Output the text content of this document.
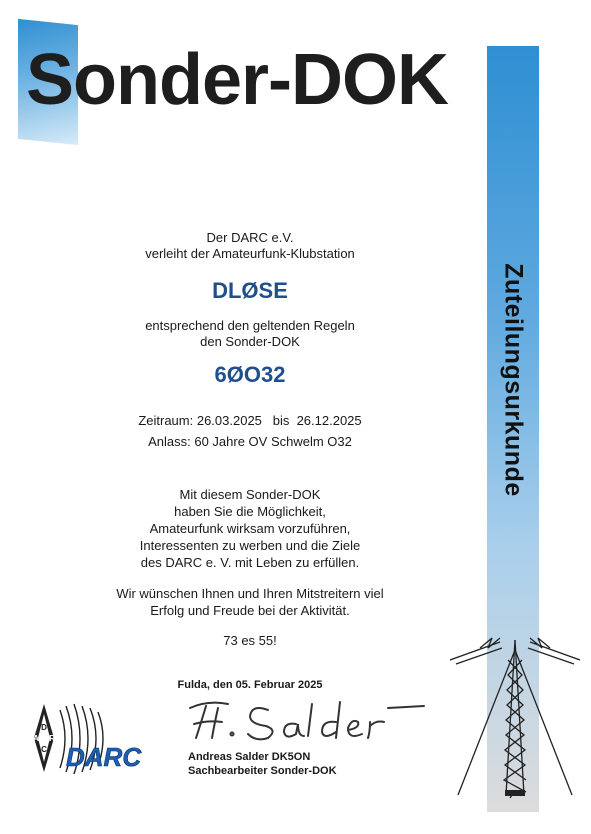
Sonder-DOK
Zuteilungsurkunde
Der DARC e.V.
verleiht der Amateurfunk-Klubstation
DLØSE
entsprechend den geltenden Regeln
den Sonder-DOK
6ØO32
Zeitraum: 26.03.2025   bis  26.12.2025
Anlass: 60 Jahre OV Schwelm O32
Mit diesem Sonder-DOK
haben Sie die Möglichkeit,
Amateurfunk wirksam vorzuführen,
Interessenten zu werben und die Ziele
des DARC e. V. mit Leben zu erfüllen.
Wir wünschen Ihnen und Ihren Mitstreitern viel
Erfolg und Freude bei der Aktivität.
73 es 55!
Fulda, den 05. Februar 2025
D
A R
C DARC	Andreas Salder DK5ON
Sachbearbeiter Sonder-DOK
